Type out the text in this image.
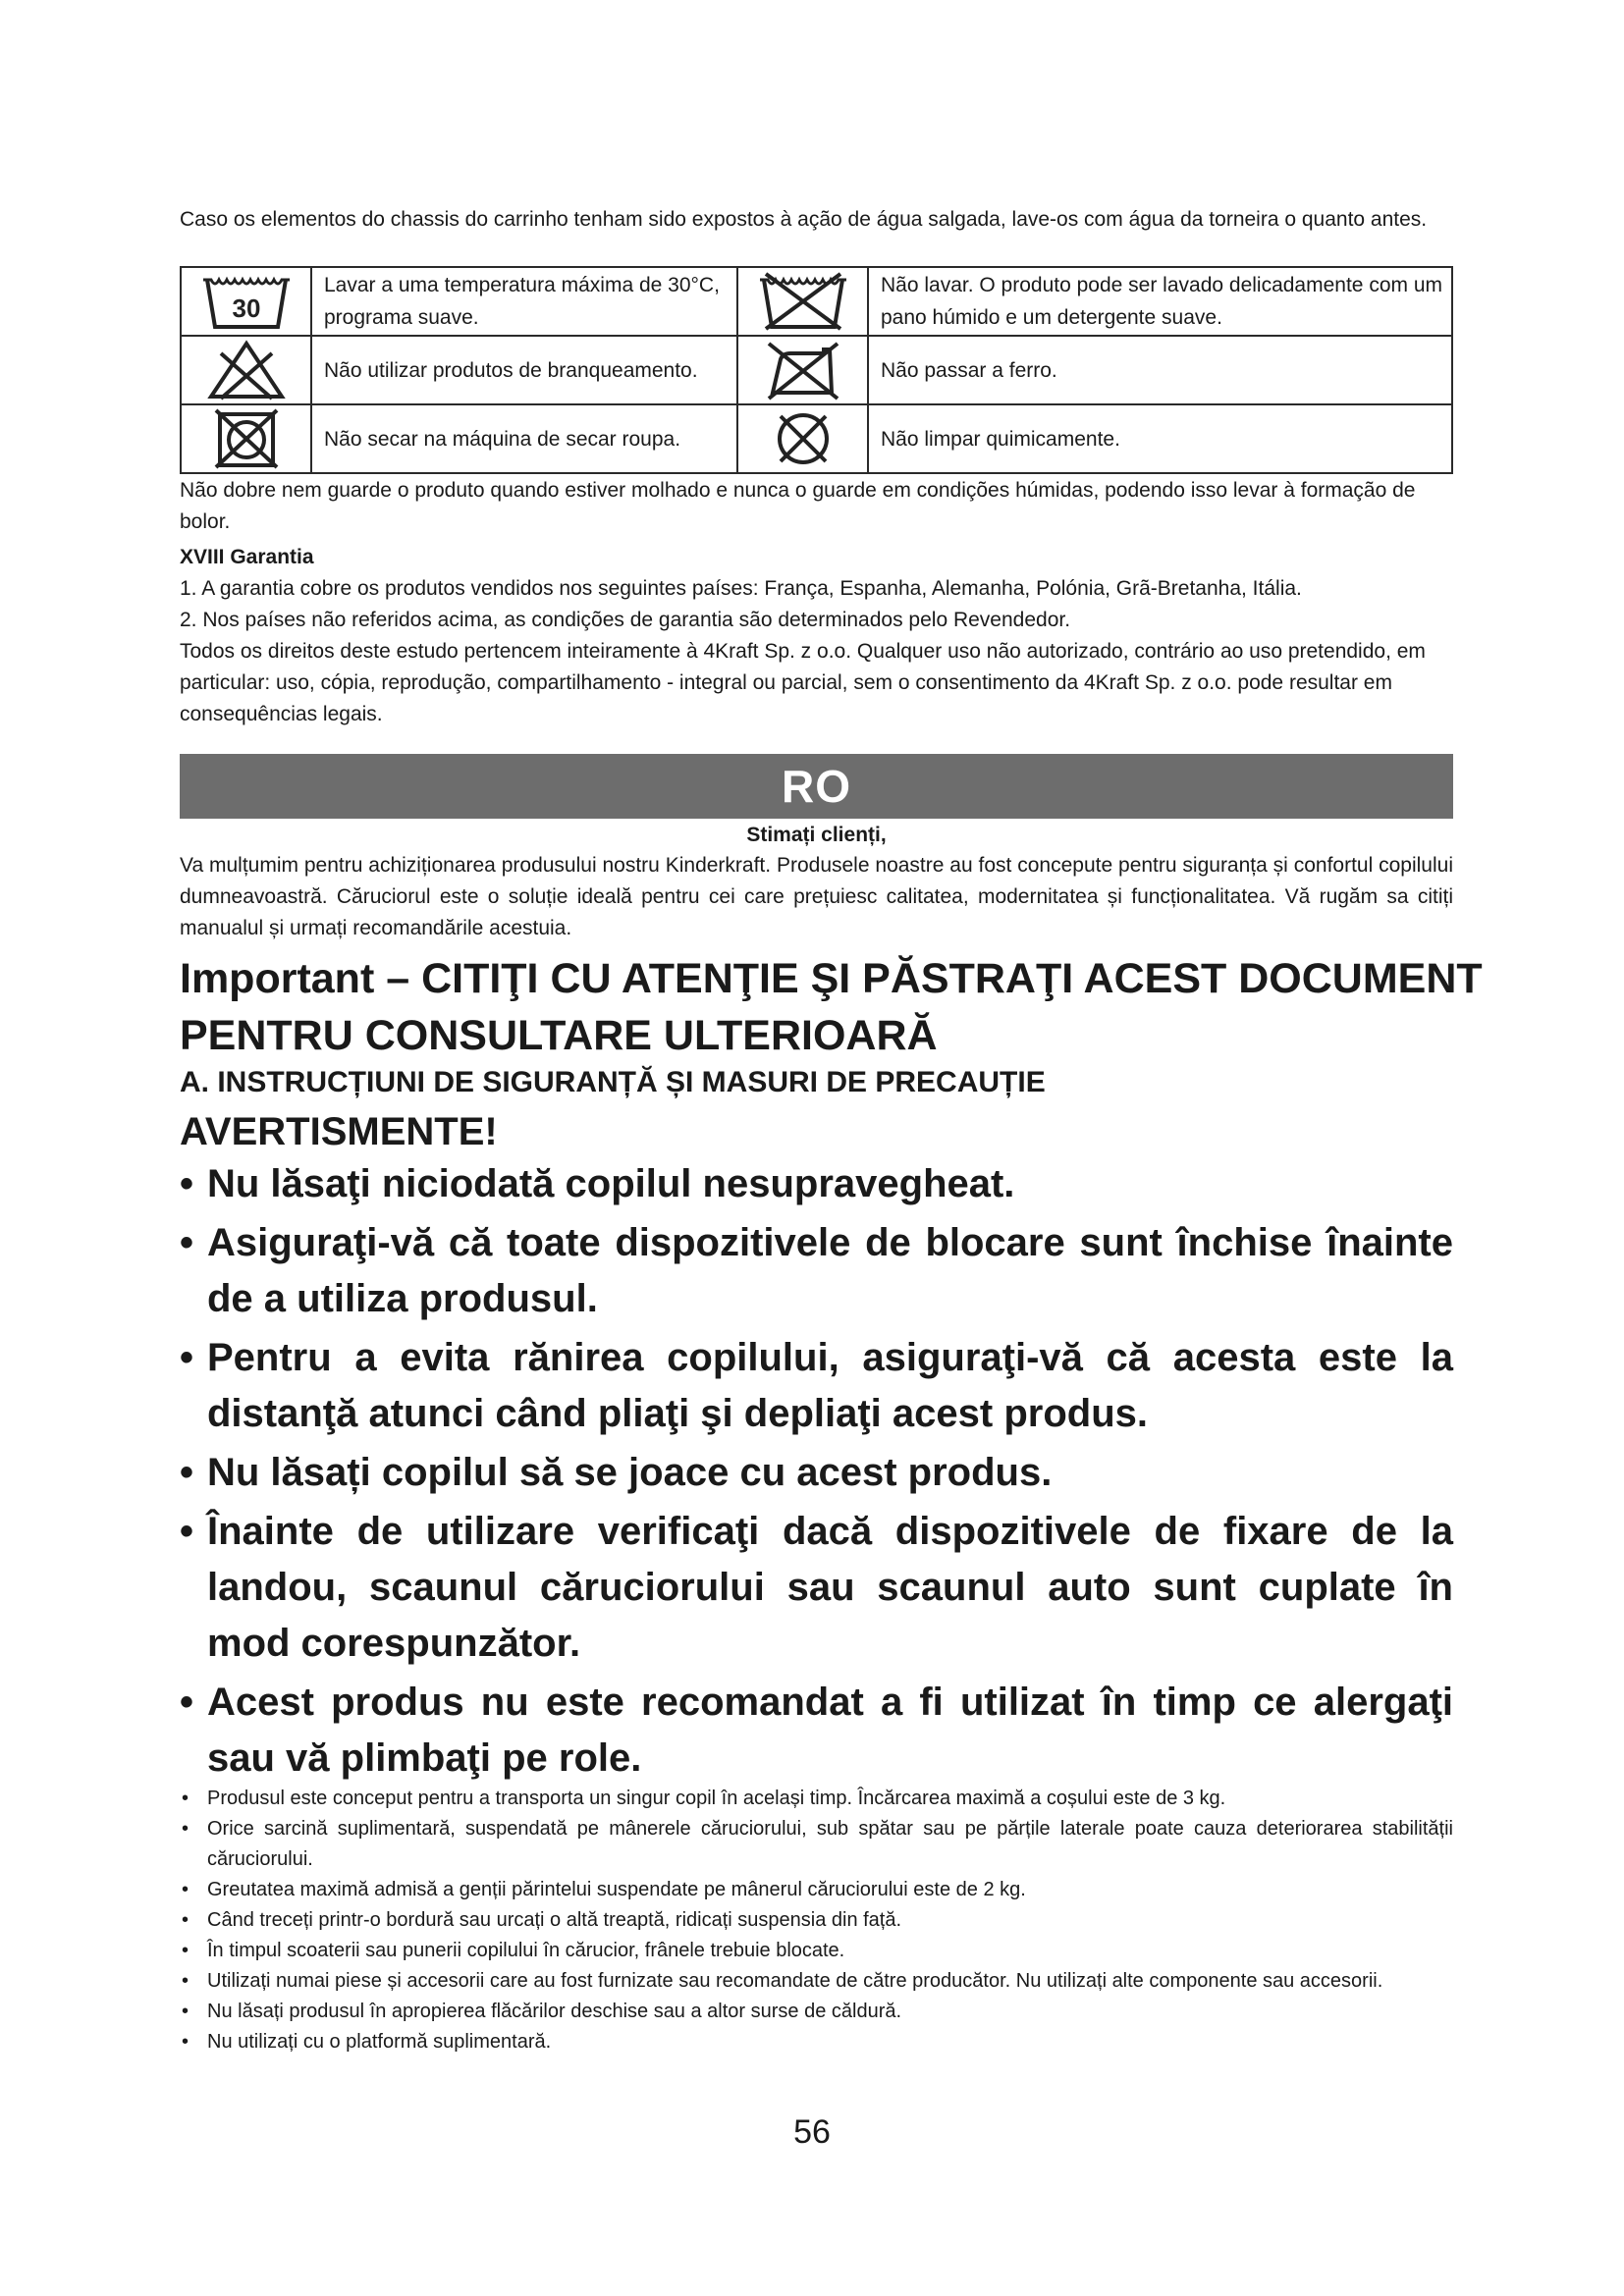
Caso os elementos do chassis do carrinho tenham sido expostos à ação de água salgada, lave-os com água da torneira o quanto antes.

30	Lavar a uma temperatura máxima de 30°C, programa suave.		Não lavar. O produto pode ser lavado delicadamente com um pano húmido e um detergente suave.

	Não utilizar produtos de branqueamento.		Não passar a ferro.

	Não secar na máquina de secar roupa.		Não limpar quimicamente.

Não dobre nem guarde o produto quando estiver molhado e nunca o guarde em condições húmidas, podendo isso levar à formação de bolor.

XVIII Garantia

1. A garantia cobre os produtos vendidos nos seguintes países: França, Espanha, Alemanha, Polónia, Grã-Bretanha, Itália.

2. Nos países não referidos acima, as condições de garantia são determinados pelo Revendedor.

Todos os direitos deste estudo pertencem inteiramente à 4Kraft Sp. z o.o. Qualquer uso não autorizado, contrário ao uso pretendido, em particular: uso, cópia, reprodução, compartilhamento - integral ou parcial, sem o consentimento da 4Kraft Sp. z o.o. pode resultar em consequências legais.

RO

Stimați clienți,

Va mulțumim pentru achiziționarea produsului nostru Kinderkraft. Produsele noastre au fost concepute pentru siguranța și confortul copilului dumneavoastră. Căruciorul este o soluție ideală pentru cei care prețuiesc calitatea, modernitatea și funcționalitatea. Vă rugăm sa citiți manualul și urmați recomandările acestuia.

Important – CITIŢI CU ATENŢIE ŞI PĂSTRAŢI ACEST DOCUMENT PENTRU CONSULTARE ULTERIOARĂ

A. INSTRUCȚIUNI DE SIGURANȚĂ ȘI MASURI DE PRECAUȚIE

AVERTISMENTE!

• Nu lăsaţi niciodată copilul nesupravegheat.
• Asiguraţi-vă că toate dispozitivele de blocare sunt închise înainte de a utiliza produsul.
• Pentru a evita rănirea copilului, asiguraţi-vă că acesta este la distanţă atunci când pliaţi şi depliaţi acest produs.
• Nu lăsați copilul să se joace cu acest produs.
• Înainte de utilizare verificaţi dacă dispozitivele de fixare de la landou, scaunul căruciorului sau scaunul auto sunt cuplate în mod corespunzător.
• Acest produs nu este recomandat a fi utilizat în timp ce alergaţi sau vă plimbaţi pe role.
• Produsul este conceput pentru a transporta un singur copil în același timp. Încărcarea maximă a coșului este de 3 kg.
• Orice sarcină suplimentară, suspendată pe mânerele căruciorului, sub spătar sau pe părțile laterale poate cauza deteriorarea stabilității căruciorului.
• Greutatea maximă admisă a genții părintelui suspendate pe mânerul căruciorului este de 2 kg.
• Când treceți printr-o bordură sau urcați o altă treaptă, ridicați suspensia din față.
• În timpul scoaterii sau punerii copilului în cărucior, frânele trebuie blocate.
• Utilizați numai piese și accesorii care au fost furnizate sau recomandate de către producător. Nu utilizați alte componente sau accesorii.
• Nu lăsați produsul în apropierea flăcărilor deschise sau a altor surse de căldură.
• Nu utilizați cu o platformă suplimentară.

56
